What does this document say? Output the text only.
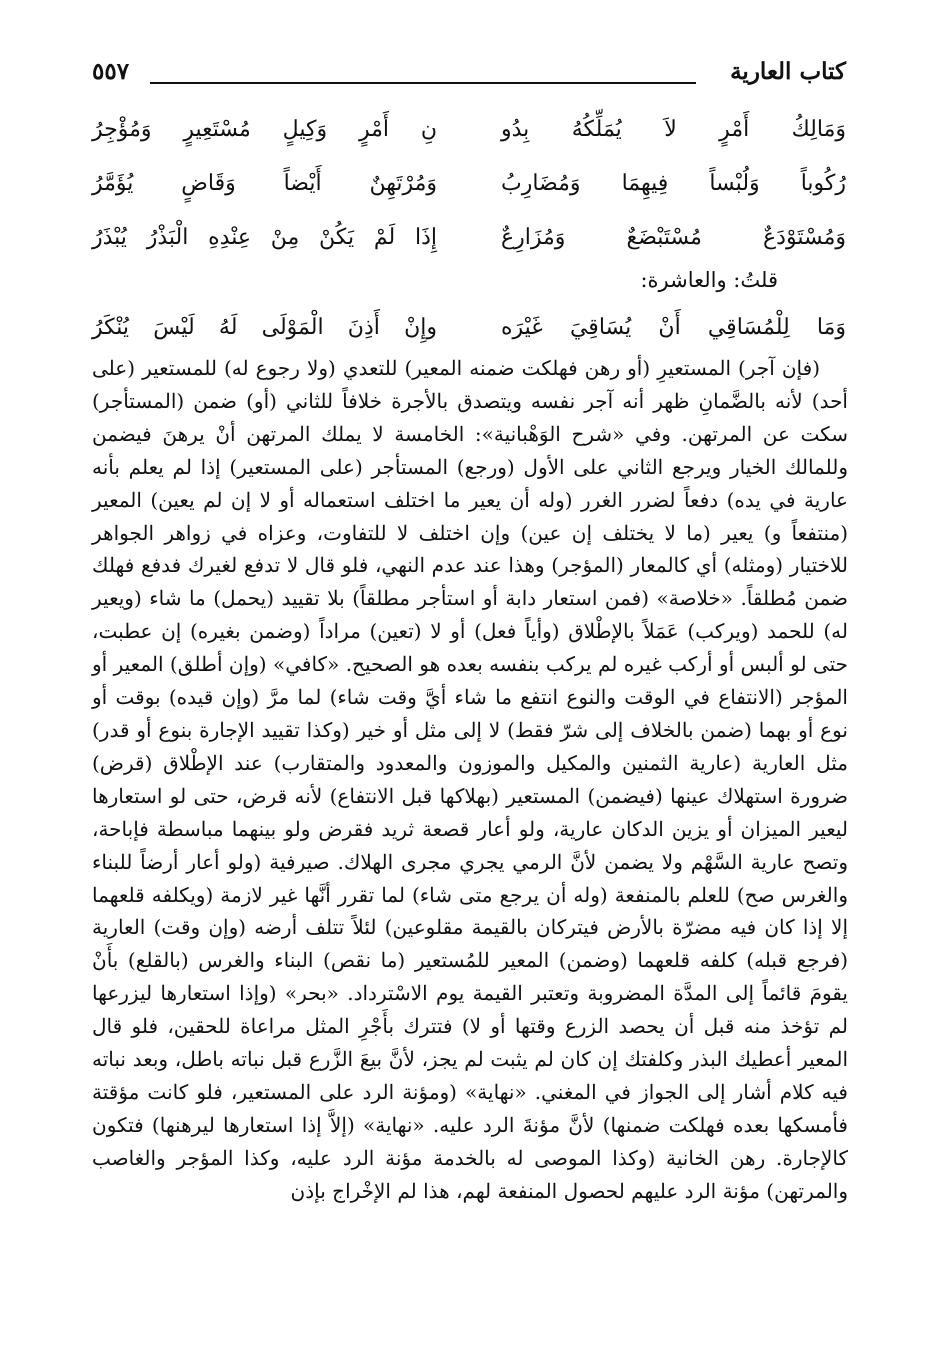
كتاب العارية
٥٥٧
وَمَالِكُ أَمْرٍ لاَ يُمَلِّكُهُ بِدُو
نِ أَمْرٍ وَكِيلٍ مُسْتَعِيرٍ وَمُؤْجِرُ
رُكُوباً وَلُبْساً فِيهِمَا وَمُضَارِبُ
وَمُرْتَهِنٌ أَيْضاً وَقَاضٍ يُؤَمَّرُ
وَمُسْتَوْدَعٌ مُسْتَبْضَعٌ وَمُزَارِعٌ
إِذَا لَمْ يَكُنْ مِنْ عِنْدِهِ الْبَذْرُ يُبْذَرُ
قلتُ: والعاشرة:
وَمَا لِلْمُسَاقِي أَنْ يُسَاقِيَ غَيْرَه
وإِنْ أَذِنَ الْمَوْلَى لَهُ لَيْسَ يُنْكَرُ

(فإن آجر) المستعيرِ (أو رهن فهلكت ضمنه المعير) للتعدي (ولا رجوع له) للمستعير (على أحد) لأنه بالضَّمانِ ظهر أنه آجر نفسه ويتصدق بالأجرة خلافاً للثاني (أو) ضمن (المستأجر) سكت عن المرتهن. وفي «شرح الوَهْبانية»: الخامسة لا يملك المرتهن أنْ يرهنَ فيضمن وللمالك الخيار ويرجع الثاني على الأول (ورجع) المستأجر (على المستعير) إذا لم يعلم بأنه عارية في يده) دفعاً لضرر الغرر (وله أن يعير ما اختلف استعماله أو لا إن لم يعين) المعير (منتفعاً و) يعير (ما لا يختلف إن عين) وإن اختلف لا للتفاوت، وعزاه في زواهر الجواهر للاختيار (ومثله) أي كالمعار (المؤجر) وهذا عند عدم النهي، فلو قال لا تدفع لغيرك فدفع فهلك ضمن مُطلقاً. «خلاصة» (فمن استعار دابة أو استأجر مطلقاً) بلا تقييد (يحمل) ما شاء (ويعير له) للحمد (ويركب) عَمَلاً بالإطْلاق (وأياً فعل) أو لا (تعين) مراداً (وضمن بغيره) إن عطبت، حتى لو ألبس أو أركب غيره لم يركب بنفسه بعده هو الصحيح. «كافي» (وإن أطلق) المعير أو المؤجر (الانتفاع في الوقت والنوع انتفع ما شاء أيَّ وقت شاء) لما مرَّ (وإن قيده) بوقت أو نوع أو بهما (ضمن بالخلاف إلى شرّ فقط) لا إلى مثل أو خير (وكذا تقييد الإجارة بنوع أو قدر) مثل العارية (عارية الثمنين والمكيل والموزون والمعدود والمتقارب) عند الإطْلاق (قرض) ضرورة استهلاك عينها (فيضمن) المستعير (بهلاكها قبل الانتفاع) لأنه قرض، حتى لو استعارها ليعير الميزان أو يزين الدكان عارية، ولو أعار قصعة ثريد فقرض ولو بينهما مباسطة فإباحة، وتصح عارية السَّهْم ولا يضمن لأنَّ الرمي يجري مجرى الهلاك. صيرفية (ولو أعار أرضاً للبناء والغرس صح) للعلم بالمنفعة (وله أن يرجع متى شاء) لما تقرر أنَّها غير لازمة (ويكلفه قلعهما إلا إذا كان فيه مضرّة بالأرض فيتركان بالقيمة مقلوعين) لئلاً تتلف أرضه (وإن وقت) العارية (فرجع قبله) كلفه قلعهما (وضمن) المعير للمُستعير (ما نقص) البناء والغرس (بالقلع) بأَنْ يقومَ قائماً إلى المدَّة المضروبة وتعتبر القيمة يوم الاسْترداد. «بحر» (وإذا استعارها ليزرعها لم تؤخذ منه قبل أن يحصد الزرع وقتها أو لا) فتترك بأَجْرِ المثل مراعاة للحقين، فلو قال المعير أعطيك البذر وكلفتك إن كان لم يثبت لم يجز، لأنَّ بيعَ الزَّرع قبل نباته باطل، وبعد نباته فيه كلام أشار إلى الجواز في المغني. «نهاية» (ومؤنة الرد على المستعير، فلو كانت مؤقتة فأمسكها بعده فهلكت ضمنها) لأنَّ مؤنةَ الرد عليه. «نهاية» (إلاَّ إذا استعارها ليرهنها) فتكون كالإجارة. رهن الخانية (وكذا الموصى له بالخدمة مؤنة الرد عليه، وكذا المؤجر والغاصب والمرتهن) مؤنة الرد عليهم لحصول المنفعة لهم، هذا لم الإخْراج بإذن
